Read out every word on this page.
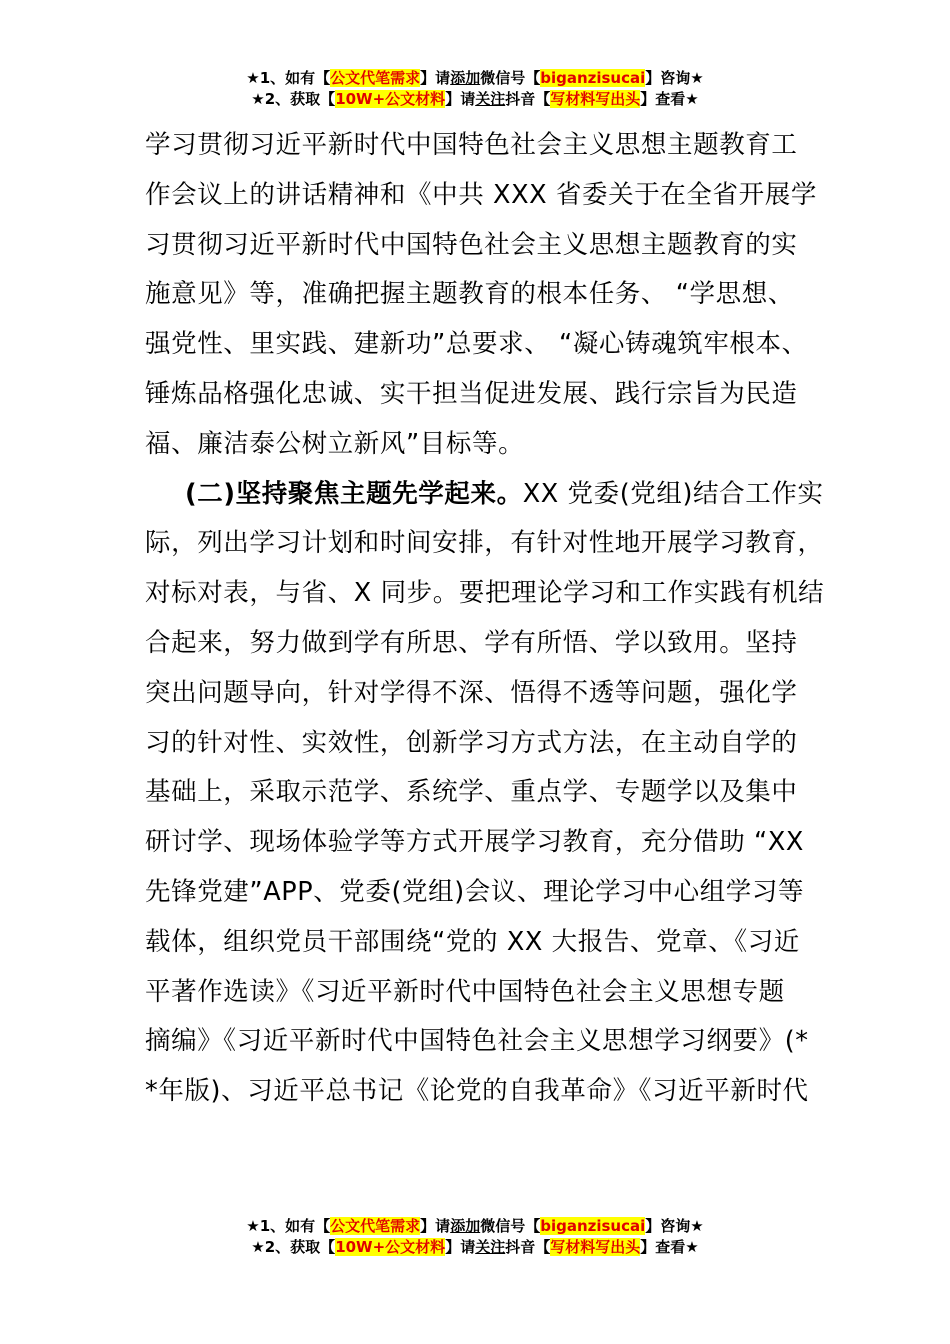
★1、如有【公文代笔需求】请添加微信号【biganzisucai】咨询★
★2、获取【10W+公文材料】请关注抖音【写材料写出头】查看★
学习贯彻习近平新时代中国特色社会主义思想主题教育工
作会议上的讲话精神和《中共 XXX 省委关于在全省开展学
习贯彻习近平新时代中国特色社会主义思想主题教育的实
施意见》等，准确把握主题教育的根本任务、 “学思想、
强党性、里实践、建新功”总要求、 “凝心铸魂筑牢根本、
锤炼品格强化忠诚、实干担当促进发展、践行宗旨为民造
福、廉洁泰公树立新风”目标等。
(二)坚持聚焦主题先学起来。XX 党委(党组)结合工作实
际，列出学习计划和时间安排，有针对性地开展学习教育，
对标对表，与省、X 同步。要把理论学习和工作实践有机结
合起来，努力做到学有所思、学有所悟、学以致用。坚持
突出问题导向，针对学得不深、悟得不透等问题，强化学
习的针对性、实效性，创新学习方式方法，在主动自学的
基础上，采取示范学、系统学、重点学、专题学以及集中
研讨学、现场体验学等方式开展学习教育，充分借助 “XX
先锋党建”APP、党委(党组)会议、理论学习中心组学习等
载体，组织党员干部围绕“党的 XX 大报告、党章、《习近
平著作选读》《习近平新时代中国特色社会主义思想专题
摘编》《习近平新时代中国特色社会主义思想学习纲要》(*
*年版)、习近平总书记《论党的自我革命》《习近平新时代
★1、如有【公文代笔需求】请添加微信号【biganzisucai】咨询★
★2、获取【10W+公文材料】请关注抖音【写材料写出头】查看★
